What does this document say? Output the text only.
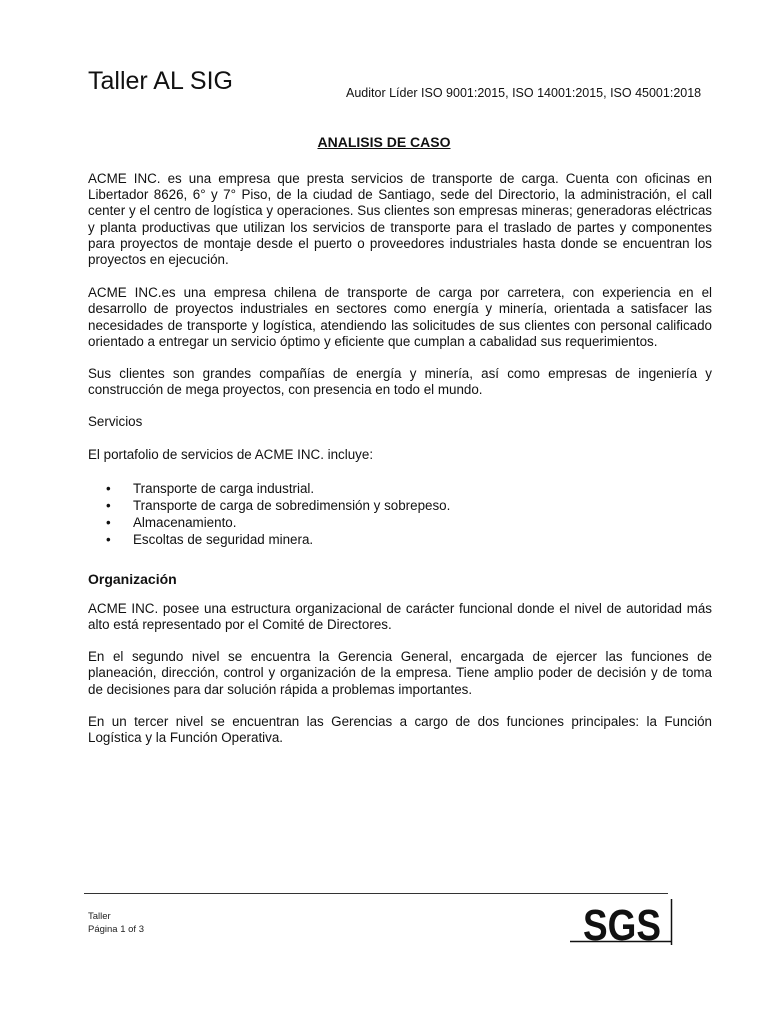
Taller AL SIG	Auditor Líder ISO 9001:2015, ISO 14001:2015, ISO 45001:2018
ANALISIS DE CASO

ACME INC. es una empresa que presta servicios de transporte de carga. Cuenta con oficinas en Libertador 8626, 6° y 7° Piso, de la ciudad de Santiago, sede del Directorio, la administración, el call center y el centro de logística y operaciones. Sus clientes son empresas mineras; generadoras eléctricas y planta productivas que utilizan los servicios de transporte para el traslado de partes y componentes para proyectos de montaje desde el puerto o proveedores industriales hasta donde se encuentran los proyectos en ejecución.

ACME INC.es una empresa chilena de transporte de carga por carretera, con experiencia en el desarrollo de proyectos industriales en sectores como energía y minería, orientada a satisfacer las necesidades de transporte y logística, atendiendo las solicitudes de sus clientes con personal calificado orientado a entregar un servicio óptimo y eficiente que cumplan a cabalidad sus requerimientos.

Sus clientes son grandes compañías de energía y minería, así como empresas de ingeniería y construcción de mega proyectos, con presencia en todo el mundo.

Servicios

El portafolio de servicios de ACME INC. incluye:

•	Transporte de carga industrial.
•	Transporte de carga de sobredimensión y sobrepeso.
•	Almacenamiento.
•	Escoltas de seguridad minera.
Organización

ACME INC. posee una estructura organizacional de carácter funcional donde el nivel de autoridad más alto está representado por el Comité de Directores.

En el segundo nivel se encuentra la Gerencia General, encargada de ejercer las funciones de planeación, dirección, control y organización de la empresa. Tiene amplio poder de decisión y de toma de decisiones para dar solución rápida a problemas importantes.

En un tercer nivel se encuentran las Gerencias a cargo de dos funciones principales: la Función Logística y la Función Operativa.

Taller
Página 1 of 3	SGS
